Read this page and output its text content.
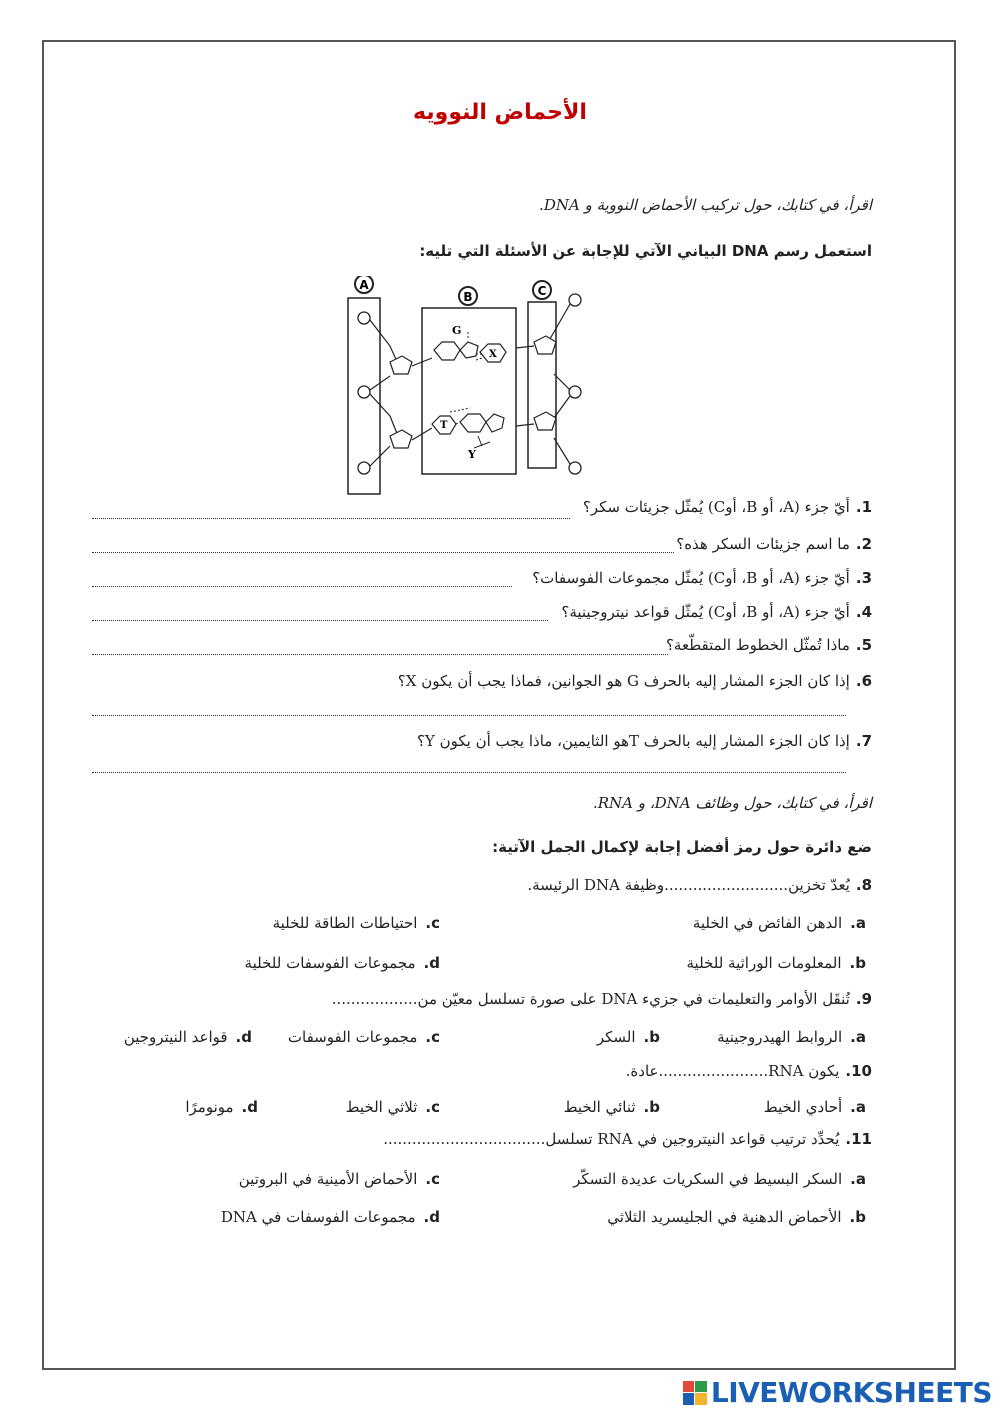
الأحماض النوويه
اقرأ، في كتابك، حول تركيب الأحماض النووية و DNA.
استعمل رسم DNA البياني الآتي للإجابة عن الأسئلة التي تليه:
A
B	C
G
X
T
Y
1.أيّ جزء (A، أو B، أوC) يُمثّل جزيئات سكر؟
2.ما اسم جزيئات السكر هذه؟
3.أيّ جزء (A، أو B، أوC) يُمثّل مجموعات الفوسفات؟
4.أيّ جزء (A، أو B، أوC) يُمثّل قواعد نيتروجينية؟
5.ماذا تُمثّل الخطوط المتقطّعة؟
6.إذا كان الجزء المشار إليه بالحرف G هو الجوانين، فماذا يجب أن يكون X؟
7.إذا كان الجزء المشار إليه بالحرف Tهو الثايمين، ماذا يجب أن يكون Y؟
اقرأ، في كتابك، حول وظائف DNA، و RNA.
ضع دائرة حول رمز أفضل إجابة لإكمال الجمل الآتية:
8.يُعدّ تخزين..........................وظيفة DNA الرئيسة.
a.الدهن الفائض في الخلية
c.احتياطات الطاقة للخلية
b.المعلومات الوراثية للخلية
d.مجموعات الفوسفات للخلية
9.تُنقَل الأوامر والتعليمات في جزيء DNA على صورة تسلسل معيّن من..................
a.الروابط الهيدروجينية
b.السكر
c.مجموعات الفوسفات
d.قواعد النيتروجين
10.يكون RNA.......................عادة.
a.أحادي الخيط
b.ثنائي الخيط
c.ثلاثي الخيط
d.مونومرًا
11.يُحدِّد ترتيب قواعد النيتروجين في RNA تسلسل..................................
a.السكر البسيط في السكريات عديدة التسكّر
c.الأحماض الأمينية في البروتين
b.الأحماض الدهنية في الجليسريد الثلاثي
d.مجموعات الفوسفات في DNA
LIVEWORKSHEETS
